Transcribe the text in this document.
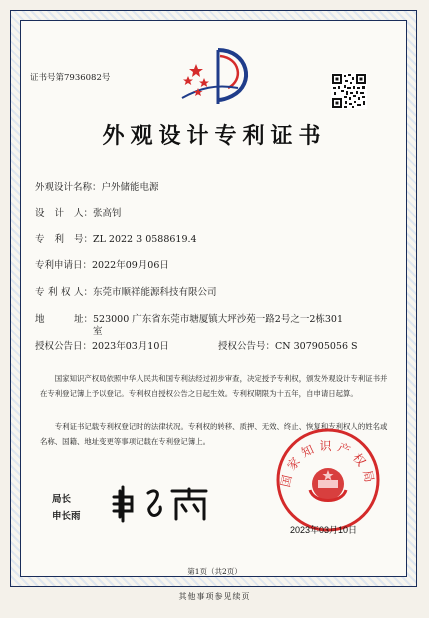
证书号第7936082号
外观设计专利证书
外观设计名称：户外储能电源
设 计 人： 张高钊
专 利 号： ZL 2022 3 0588619.4
专利申请日：2022年09月06日
专 利 权 人： 东莞市顺祥能源科技有限公司
地	址： 523000 广东省东莞市塘厦镇大坪沙苑一路2号之一2栋301
室
授权公告日：2023年03月10日	授权公告号：CN 307905056 S
国家知识产权局依照中华人民共和国专利法经过初步审查，决定授予专利权，颁发外观设计专利证书并在专利登记簿上予以登记。专利权自授权公告之日起生效。专利权期限为十五年，自申请日起算。
专利证书记载专利权登记时的法律状况。专利权的转移、质押、无效、终止、恢复和专利权人的姓名或名称、国籍、地址变更等事项记载在专利登记簿上。
局长
申长雨
国家知识产权局
2023年03月10日
第1页（共2页）
其他事项参见续页
